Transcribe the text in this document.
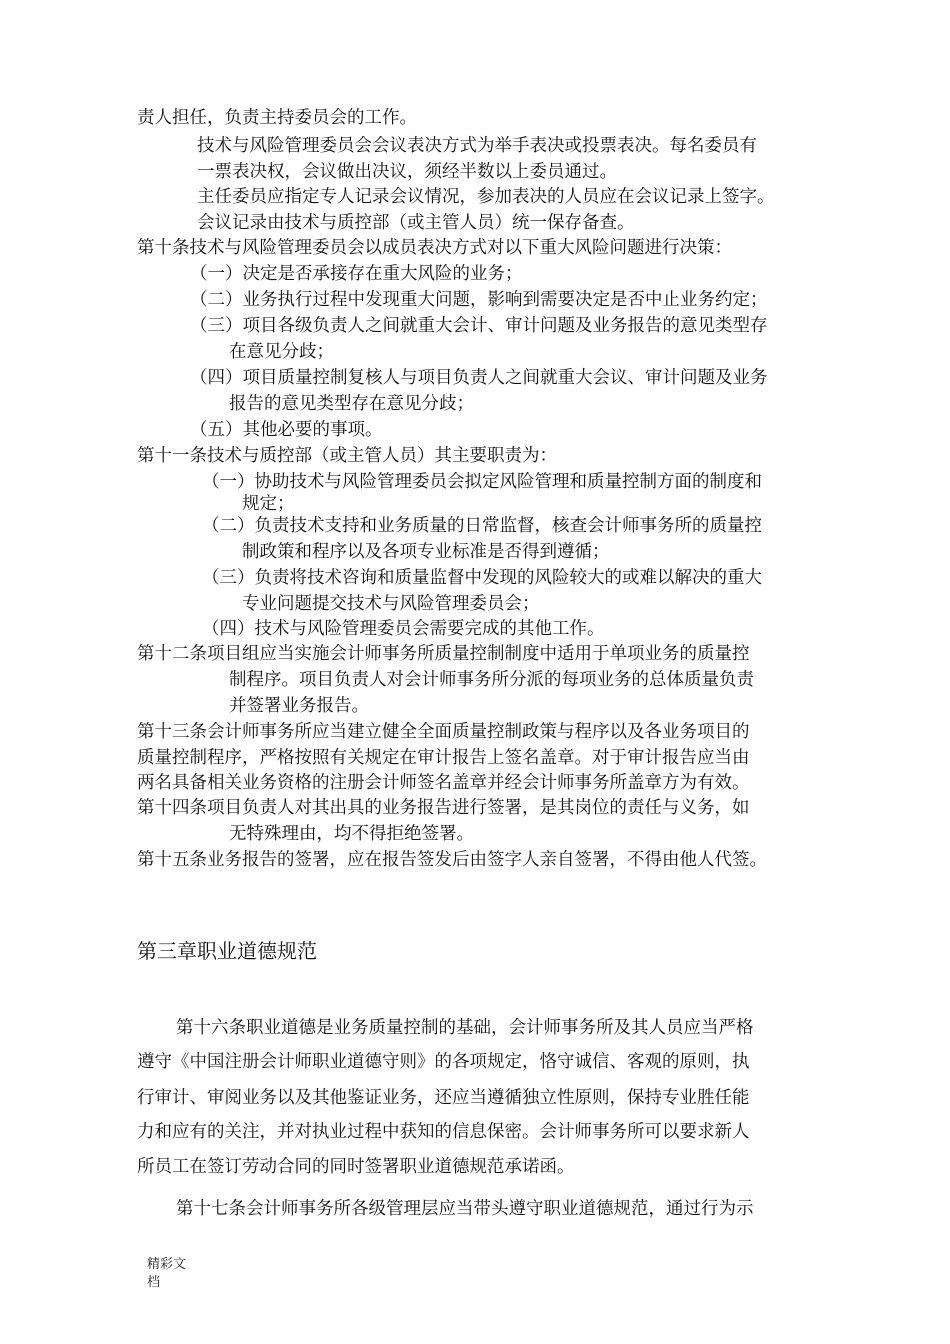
责人担任，负责主持委员会的工作。
技术与风险管理委员会会议表决方式为举手表决或投票表决。每名委员有
一票表决权，会议做出决议，须经半数以上委员通过。
主任委员应指定专人记录会议情况，参加表决的人员应在会议记录上签字。
会议记录由技术与质控部（或主管人员）统一保存备查。
第十条技术与风险管理委员会以成员表决方式对以下重大风险问题进行决策：
（一）决定是否承接存在重大风险的业务；
（二）业务执行过程中发现重大问题，影响到需要决定是否中止业务约定；
（三）项目各级负责人之间就重大会计、审计问题及业务报告的意见类型存
在意见分歧；
（四）项目质量控制复核人与项目负责人之间就重大会议、审计问题及业务
报告的意见类型存在意见分歧；
（五）其他必要的事项。
第十一条技术与质控部（或主管人员）其主要职责为：
（一）协助技术与风险管理委员会拟定风险管理和质量控制方面的制度和
规定；
（二）负责技术支持和业务质量的日常监督，核查会计师事务所的质量控
制政策和程序以及各项专业标准是否得到遵循；
（三）负责将技术咨询和质量监督中发现的风险较大的或难以解决的重大
专业问题提交技术与风险管理委员会；
（四）技术与风险管理委员会需要完成的其他工作。
第十二条项目组应当实施会计师事务所质量控制制度中适用于单项业务的质量控
制程序。项目负责人对会计师事务所分派的每项业务的总体质量负责
并签署业务报告。
第十三条会计师事务所应当建立健全全面质量控制政策与程序以及各业务项目的
质量控制程序，严格按照有关规定在审计报告上签名盖章。对于审计报告应当由
两名具备相关业务资格的注册会计师签名盖章并经会计师事务所盖章方为有效。
第十四条项目负责人对其出具的业务报告进行签署，是其岗位的责任与义务，如
无特殊理由，均不得拒绝签署。
第十五条业务报告的签署，应在报告签发后由签字人亲自签署，不得由他人代签。
第三章职业道德规范
第十六条职业道德是业务质量控制的基础，会计师事务所及其人员应当严格
遵守《中国注册会计师职业道德守则》的各项规定，恪守诚信、客观的原则，执
行审计、审阅业务以及其他鉴证业务，还应当遵循独立性原则，保持专业胜任能
力和应有的关注，并对执业过程中获知的信息保密。会计师事务所可以要求新人
所员工在签订劳动合同的同时签署职业道德规范承诺函。
第十七条会计师事务所各级管理层应当带头遵守职业道德规范，通过行为示
精彩文
档
